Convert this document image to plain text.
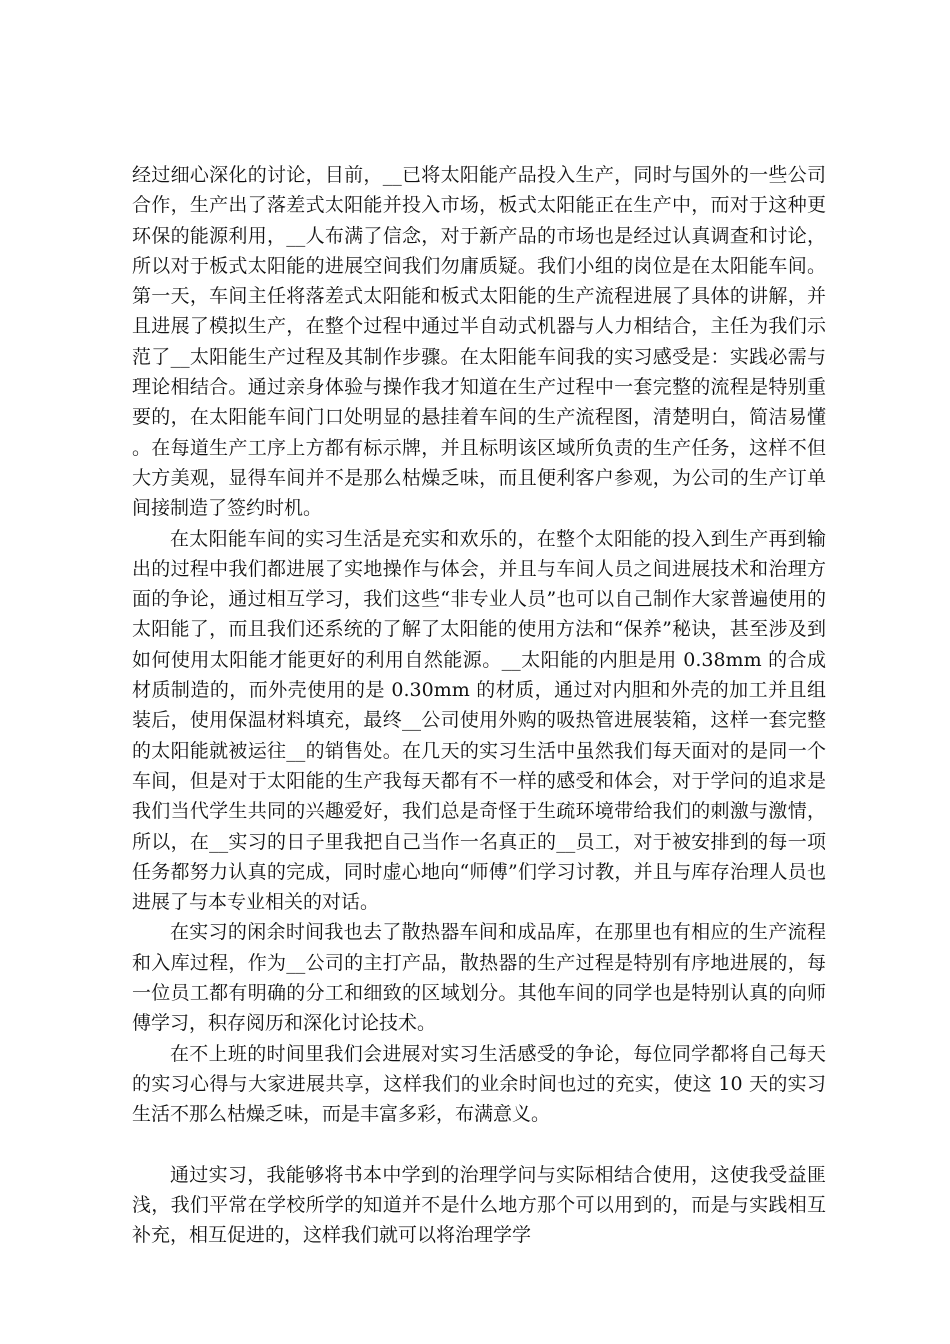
经过细心深化的讨论，目前，__已将太阳能产品投入生产，同时与国外的一些公司合作，生产出了落差式太阳能并投入市场，板式太阳能正在生产中，而对于这种更环保的能源利用，__人布满了信念，对于新产品的市场也是经过认真调查和讨论，所以对于板式太阳能的进展空间我们勿庸质疑。我们小组的岗位是在太阳能车间。第一天，车间主任将落差式太阳能和板式太阳能的生产流程进展了具体的讲解，并且进展了模拟生产，在整个过程中通过半自动式机器与人力相结合，主任为我们示范了__太阳能生产过程及其制作步骤。在太阳能车间我的实习感受是：实践必需与理论相结合。通过亲身体验与操作我才知道在生产过程中一套完整的流程是特别重要的，在太阳能车间门口处明显的悬挂着车间的生产流程图，清楚明白，简洁易懂。在每道生产工序上方都有标示牌，并且标明该区域所负责的生产任务，这样不但大方美观，显得车间并不是那么枯燥乏味，而且便利客户参观，为公司的生产订单间接制造了签约时机。

在太阳能车间的实习生活是充实和欢乐的，在整个太阳能的投入到生产再到输出的过程中我们都进展了实地操作与体会，并且与车间人员之间进展技术和治理方面的争论，通过相互学习，我们这些“非专业人员”也可以自己制作大家普遍使用的太阳能了，而且我们还系统的了解了太阳能的使用方法和“保养”秘诀，甚至涉及到如何使用太阳能才能更好的利用自然能源。__太阳能的内胆是用 0.38mm 的合成材质制造的，而外壳使用的是 0.30mm 的材质，通过对内胆和外壳的加工并且组装后，使用保温材料填充，最终__公司使用外购的吸热管进展装箱，这样一套完整的太阳能就被运往__的销售处。在几天的实习生活中虽然我们每天面对的是同一个车间，但是对于太阳能的生产我每天都有不一样的感受和体会，对于学问的追求是我们当代学生共同的兴趣爱好，我们总是奇怪于生疏环境带给我们的刺激与激情，所以，在__实习的日子里我把自己当作一名真正的__员工，对于被安排到的每一项任务都努力认真的完成，同时虚心地向“师傅”们学习讨教，并且与库存治理人员也进展了与本专业相关的对话。

在实习的闲余时间我也去了散热器车间和成品库，在那里也有相应的生产流程和入库过程，作为__公司的主打产品，散热器的生产过程是特别有序地进展的，每一位员工都有明确的分工和细致的区域划分。其他车间的同学也是特别认真的向师傅学习，积存阅历和深化讨论技术。

在不上班的时间里我们会进展对实习生活感受的争论，每位同学都将自己每天的实习心得与大家进展共享，这样我们的业余时间也过的充实，使这 10 天的实习生活不那么枯燥乏味，而是丰富多彩，布满意义。

通过实习，我能够将书本中学到的治理学问与实际相结合使用，这使我受益匪浅，我们平常在学校所学的知道并不是什么地方那个可以用到的，而是与实践相互补充，相互促进的，这样我们就可以将治理学学
